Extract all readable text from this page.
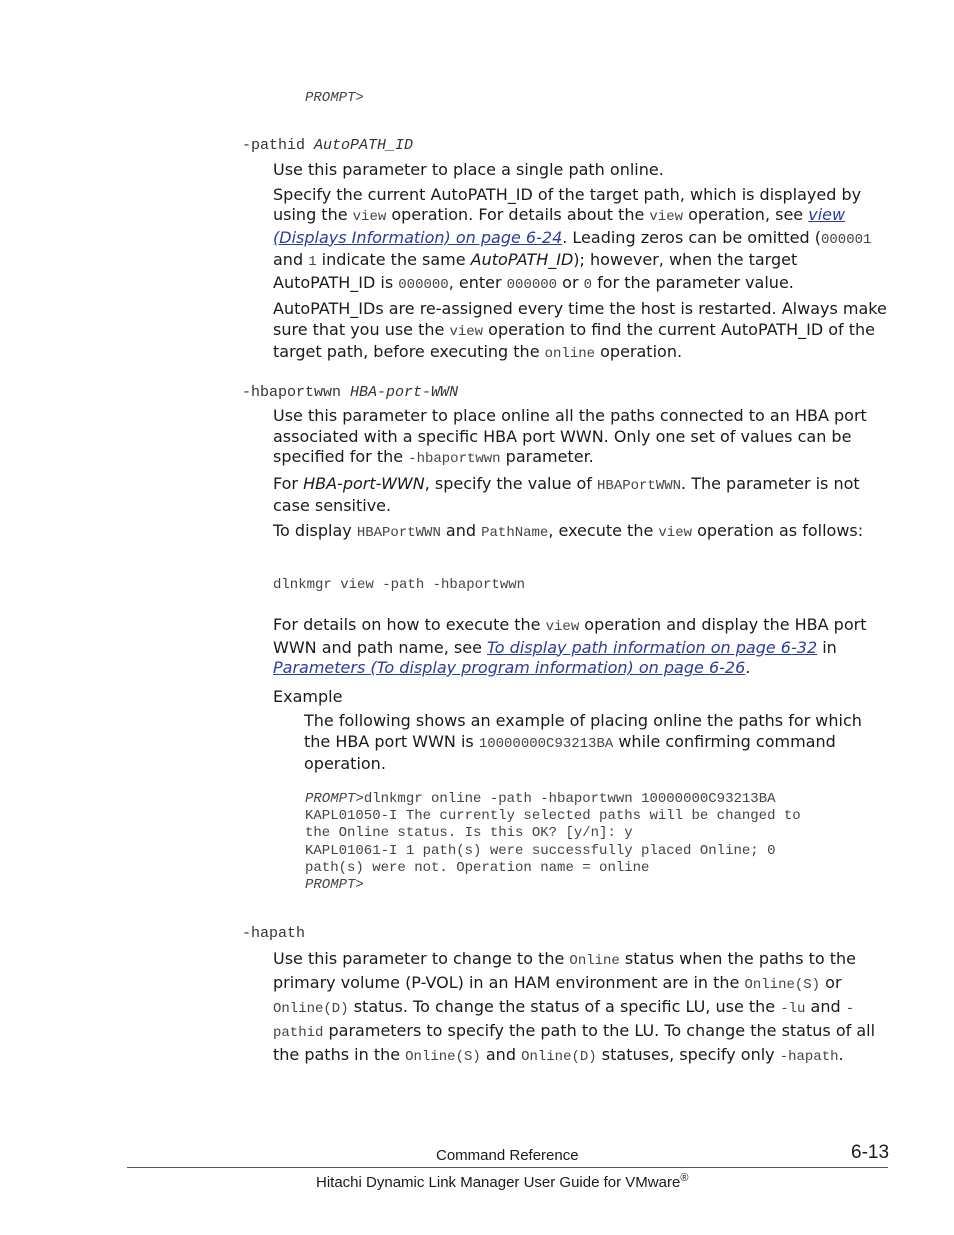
PROMPT>
-pathid AutoPATH_ID

Use this parameter to place a single path online.

Specify the current AutoPATH_ID of the target path, which is displayed by using the view operation. For details about the view operation, see view (Displays Information) on page 6-24. Leading zeros can be omitted (000001 and 1 indicate the same AutoPATH_ID); however, when the target AutoPATH_ID is 000000, enter 000000 or 0 for the parameter value.

AutoPATH_IDs are re-assigned every time the host is restarted. Always make sure that you use the view operation to find the current AutoPATH_ID of the target path, before executing the online operation.

-hbaportwwn HBA-port-WWN

Use this parameter to place online all the paths connected to an HBA port associated with a specific HBA port WWN. Only one set of values can be specified for the -hbaportwwn parameter.

For HBA-port-WWN, specify the value of HBAPortWWN. The parameter is not case sensitive.

To display HBAPortWWN and PathName, execute the view operation as follows:

dlnkmgr view -path -hbaportwwn

For details on how to execute the view operation and display the HBA port WWN and path name, see To display path information on page 6-32 in Parameters (To display program information) on page 6-26.

Example

The following shows an example of placing online the paths for which the HBA port WWN is 10000000C93213BA while confirming command operation.

PROMPT>dlnkmgr online -path -hbaportwwn 10000000C93213BA
KAPL01050-I The currently selected paths will be changed to
the Online status. Is this OK? [y/n]: y
KAPL01061-I 1 path(s) were successfully placed Online; 0
path(s) were not. Operation name = online
PROMPT>
-hapath

Use this parameter to change to the Online status when the paths to the primary volume (P-VOL) in an HAM environment are in the Online(S) or Online(D) status. To change the status of a specific LU, use the -lu and -pathid parameters to specify the path to the LU. To change the status of all the paths in the Online(S) and Online(D) statuses, specify only -hapath.

Command Reference	6-13
Hitachi Dynamic Link Manager User Guide for VMware®
